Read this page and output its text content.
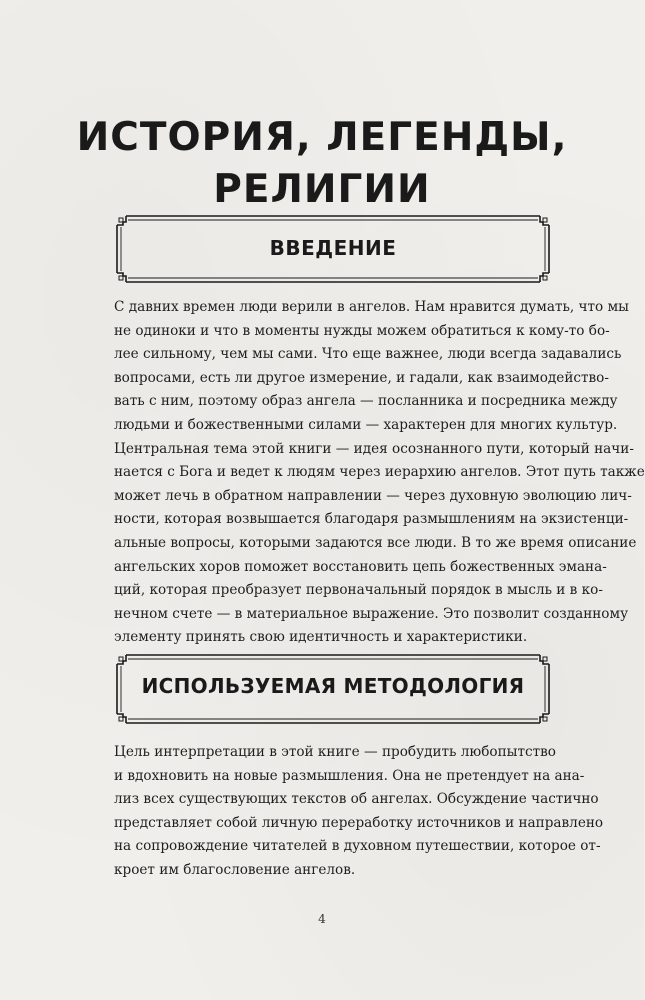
ИСТОРИЯ, ЛЕГЕНДЫ,
РЕЛИГИИ
ВВЕДЕНИЕ
С давних времен люди верили в ангелов. Нам нравится думать, что мы
не одиноки и что в моменты нужды можем обратиться к кому-то бо-
лее сильному, чем мы сами. Что еще важнее, люди всегда задавались
вопросами, есть ли другое измерение, и гадали, как взаимодейство-
вать с ним, поэтому образ ангела — посланника и посредника между
людьми и божественными силами — характерен для многих культур.
Центральная тема этой книги — идея осознанного пути, который начи-
нается с Бога и ведет к людям через иерархию ангелов. Этот путь также
может лечь в обратном направлении — через духовную эволюцию лич-
ности, которая возвышается благодаря размышлениям на экзистенци-
альные вопросы, которыми задаются все люди. В то же время описание
ангельских хоров поможет восстановить цепь божественных эмана-
ций, которая преобразует первоначальный порядок в мысль и в ко-
нечном счете — в материальное выражение. Это позволит созданному
элементу принять свою идентичность и характеристики.
ИСПОЛЬЗУЕМАЯ МЕТОДОЛОГИЯ
Цель интерпретации в этой книге — пробудить любопытство
и вдохновить на новые размышления. Она не претендует на ана-
лиз всех существующих текстов об ангелах. Обсуждение частично
представляет собой личную переработку источников и направлено
на сопровождение читателей в духовном путешествии, которое от-
кроет им благословение ангелов.
4
